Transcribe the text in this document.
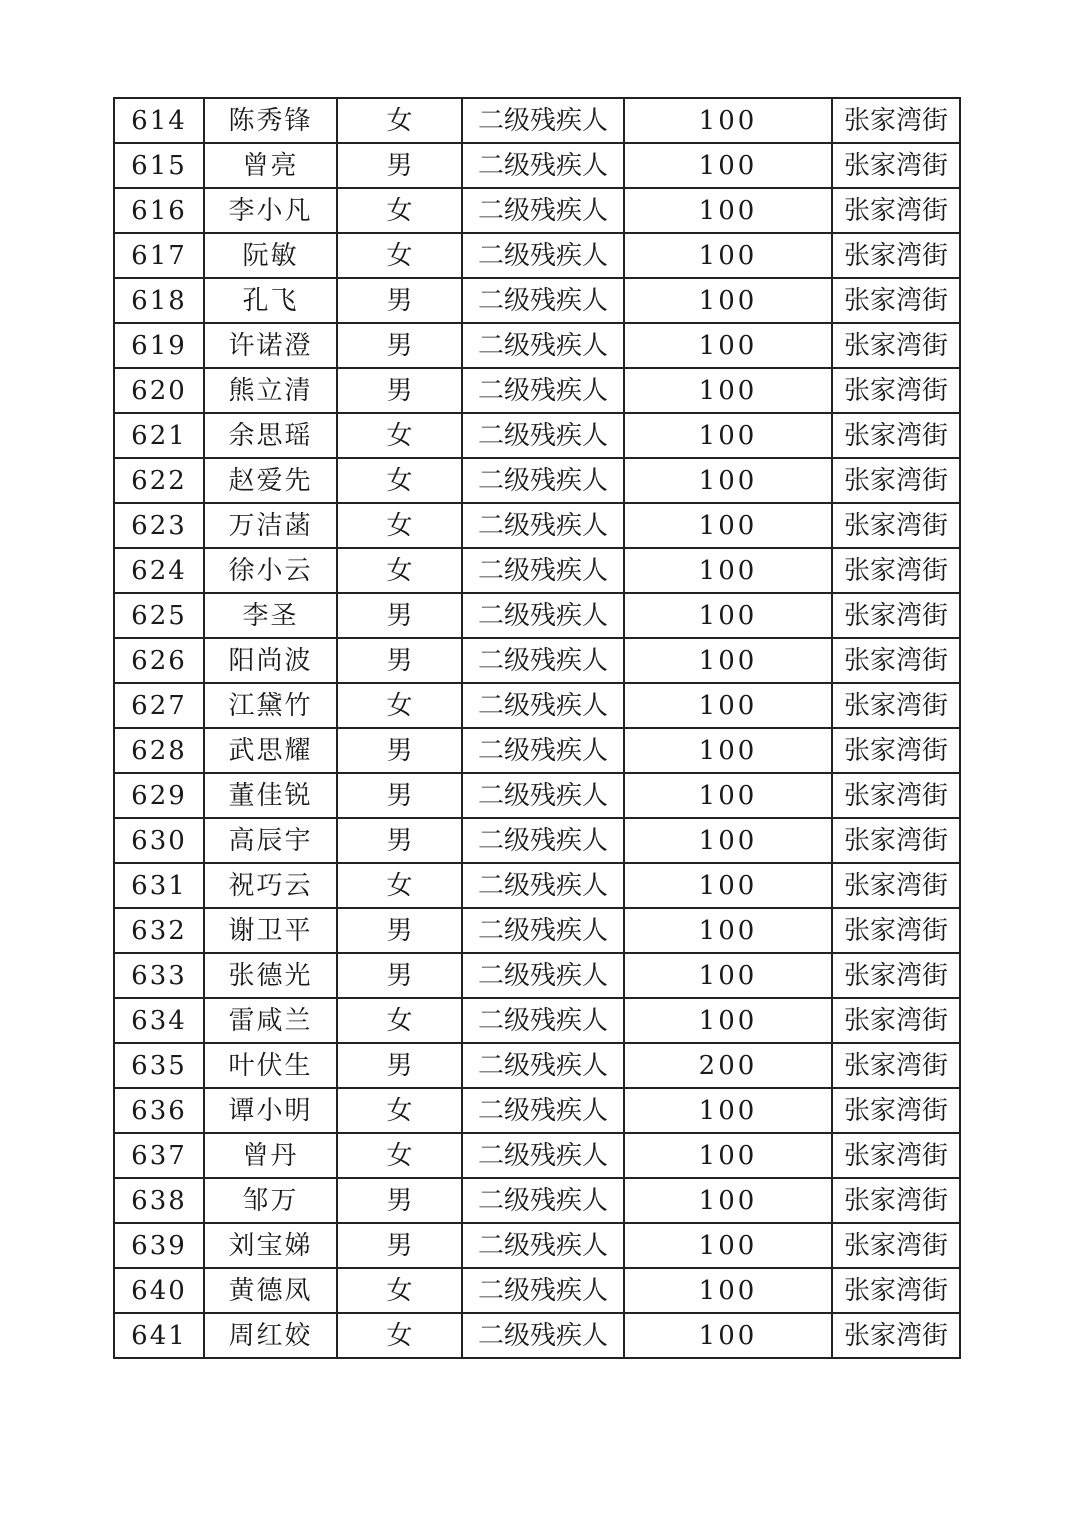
614	陈秀锋	女	二级残疾人	100	张家湾街
615	曾亮	男	二级残疾人	100	张家湾街
616	李小凡	女	二级残疾人	100	张家湾街
617	阮敏	女	二级残疾人	100	张家湾街
618	孔飞	男	二级残疾人	100	张家湾街
619	许诺澄	男	二级残疾人	100	张家湾街
620	熊立清	男	二级残疾人	100	张家湾街
621	余思瑶	女	二级残疾人	100	张家湾街
622	赵爱先	女	二级残疾人	100	张家湾街
623	万洁菡	女	二级残疾人	100	张家湾街
624	徐小云	女	二级残疾人	100	张家湾街
625	李圣	男	二级残疾人	100	张家湾街
626	阳尚波	男	二级残疾人	100	张家湾街
627	江黛竹	女	二级残疾人	100	张家湾街
628	武思耀	男	二级残疾人	100	张家湾街
629	董佳锐	男	二级残疾人	100	张家湾街
630	高辰宇	男	二级残疾人	100	张家湾街
631	祝巧云	女	二级残疾人	100	张家湾街
632	谢卫平	男	二级残疾人	100	张家湾街
633	张德光	男	二级残疾人	100	张家湾街
634	雷咸兰	女	二级残疾人	100	张家湾街
635	叶伏生	男	二级残疾人	200	张家湾街
636	谭小明	女	二级残疾人	100	张家湾街
637	曾丹	女	二级残疾人	100	张家湾街
638	邹万	男	二级残疾人	100	张家湾街
639	刘宝娣	男	二级残疾人	100	张家湾街
640	黄德凤	女	二级残疾人	100	张家湾街
641	周红姣	女	二级残疾人	100	张家湾街
